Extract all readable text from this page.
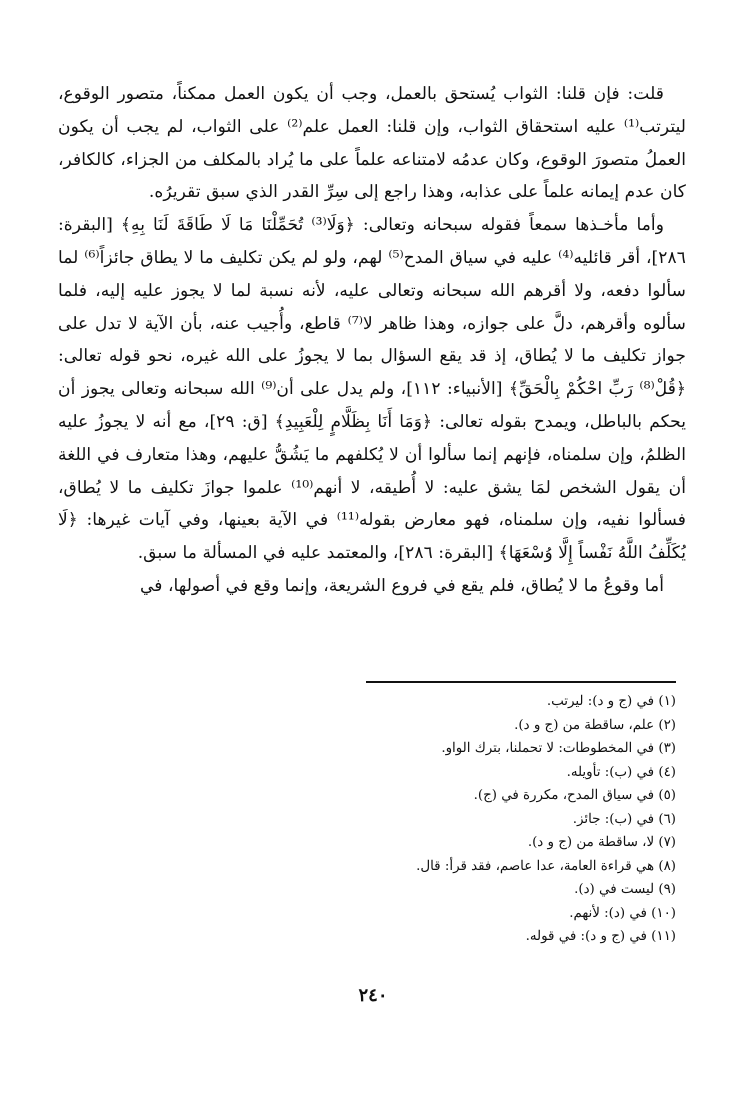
قلت: فإن قلنا: الثواب يُستحق بالعمل، وجب أن يكون العمل ممكناً، متصور الوقوع، ليترتب⁽¹⁾ عليه استحقاق الثواب، وإن قلنا: العمل علم⁽²⁾ على الثواب، لم يجب أن يكون العملُ متصورَ الوقوع، وكان عدمُه لامتناعه علماً على ما يُراد بالمكلف من الجزاء، كالكافر، كان عدم إيمانه علماً على عذابه، وهذا راجع إلى سِرِّ القدر الذي سبق تقريرُه.

وأما مأخـذها سمعاً فقوله سبحانه وتعالى: ﴿وَلَا⁽³⁾ تُحَمِّلْنَا مَا لَا طَاقَةَ لَنَا بِهِ﴾ [البقرة: ٢٨٦]، أقر قائليه⁽⁴⁾ عليه في سياق المدح⁽⁵⁾ لهم، ولو لم يكن تكليف ما لا يطاق جائزاً⁽⁶⁾ لما سألوا دفعه، ولا أقرهم الله سبحانه وتعالى عليه، لأنه نسبة لما لا يجوز عليه إليه، فلما سألوه وأقرهم، دلَّ على جوازه، وهذا ظاهر لا⁽⁷⁾ قاطع، وأُجيب عنه، بأن الآية لا تدل على جواز تكليف ما لا يُطاق، إذ قد يقع السؤال بما لا يجوزُ على الله غيره، نحو قوله تعالى: ﴿قُلْ⁽⁸⁾ رَبِّ احْكُمْ بِالْحَقِّ﴾ [الأنبياء: ١١٢]، ولم يدل على أن⁽⁹⁾ الله سبحانه وتعالى يجوز أن يحكم بالباطل، ويمدح بقوله تعالى: ﴿وَمَا أَنَا بِظَلَّامٍ لِلْعَبِيدِ﴾ [ق: ٢٩]، مع أنه لا يجوزُ عليه الظلمُ، وإن سلمناه، فإنهم إنما سألوا أن لا يُكلفهم ما يَشُقُّ عليهم، وهذا متعارف في اللغة أن يقول الشخص لمَا يشق عليه: لا أُطيقه، لا أنهم⁽¹⁰⁾ علموا جوازَ تكليف ما لا يُطاق، فسألوا نفيه، وإن سلمناه، فهو معارض بقوله⁽¹¹⁾ في الآية بعينها، وفي آيات غيرها: ﴿لَا يُكَلِّفُ اللَّهُ نَفْساً إِلَّا وُسْعَهَا﴾ [البقرة: ٢٨٦]، والمعتمد عليه في المسألة ما سبق.

أما وقوعُ ما لا يُطاق، فلم يقع في فروع الشريعة، وإنما وقع في أصولها، في

(١) في (ج و د): ليرتب.
(٢) علم، ساقطة من (ج و د).
(٣) في المخطوطات: لا تحملنا، بترك الواو.
(٤) في (ب): تأويله.
(٥) في سياق المدح، مكررة في (ج).
(٦) في (ب): جائز.
(٧) لا، ساقطة من (ج و د).
(٨) هي قراءة العامة، عدا عاصم، فقد قرأ: قال.
(٩) ليست في (د).
(١٠) في (د): لأنهم.
(١١) في (ج و د): في قوله.
٢٤٠
